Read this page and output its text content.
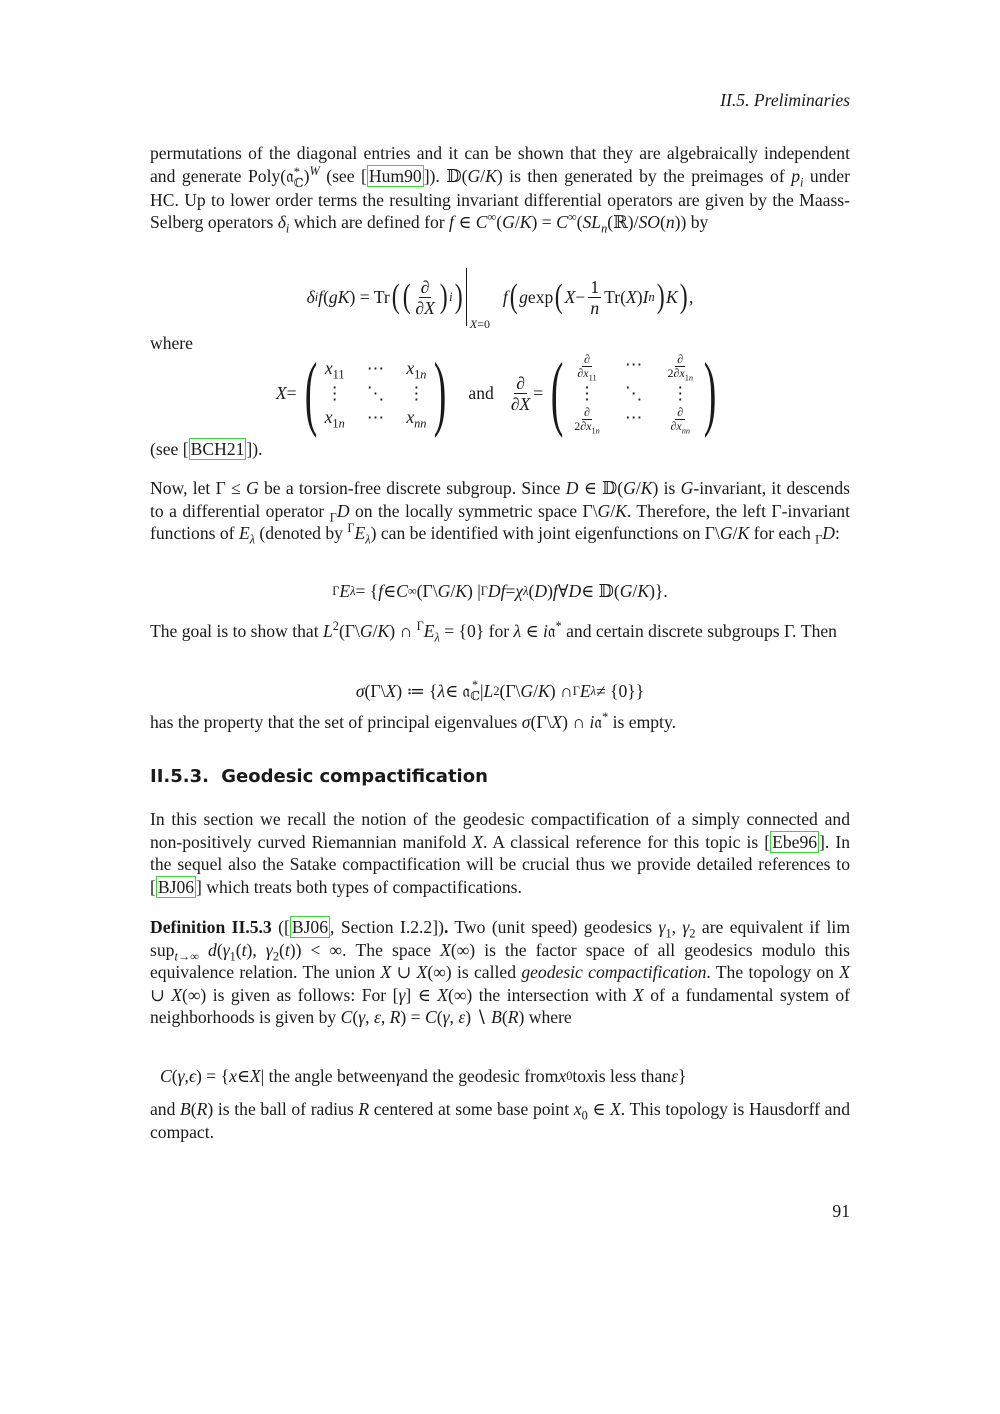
II.5. Preliminaries
permutations of the diagonal entries and it can be shown that they are algebraically independent and generate Poly(𝔞 *
ℂ )$^W$ (see [ Hum90 ]). 𝔻(G/K) is then generated by the preimages of $p_i$ under HC. Up to lower order terms the resulting invariant differential operators are given by the Maass-Selberg operators $\delta_i$ which are defined for f ∈ $C^\infty(G/K) = C^\infty(SL_n(ℝ)/SO(n))$ by
δ i f ( gK ) = Tr ( ( $\frac{\partial}{\partial X}$ ) i )
X=0
f ( g exp ( $X - \frac{1}{n} Tr$( X ) I n ) K ) ,
where
X = ( $x_{11}$ ⋯ $x_{1n}$
⋮ ⋱ ⋮
$x_{1n}$ ⋯ $x_{nn}$ ) and $\frac{\partial}{\partial X}$ = ( $\frac{\partial}{\partial x_{11}}$ ⋯ $\frac{\partial}{2\partial x_{1n}}$
⋮	⋱	⋮
$\frac{\partial}{2\partial x_{1n}}$ ⋯ $\frac{\partial}{\partial x_{nn}}$ )
(see [ BCH21 ]).
Now, let Γ ≤ G be a torsion-free discrete subgroup. Since D ∈ 𝔻(G/K) is G-invariant, it descends to a differential operator $_\Gamma$D on the locally symmetric space Γ\G/K. Therefore, the left Γ-invariant functions of $E_\lambda$ (denoted by $^\Gamma E_\lambda$) can be identified with joint eigenfunctions on Γ\G/K for each $_\Gamma$D:
Γ E λ = { f ∈ C ∞ (Γ\ G / K ) | Γ Df = χ λ ( D ) f ∀ D ∈ 𝔻( G / K )}.
The goal is to show that $L^2(\Gamma\backslash G/K)$ ∩ $^\Gamma E_\lambda = \{0\}$ for λ ∈ i𝔞* and certain discrete subgroups Γ. Then
σ (Γ\ X ) ≔ { λ ∈ 𝔞 *
ℂ | L 2 (Γ\ G / K ) ∩ Γ E λ ≠ {0}}
has the property that the set of principal eigenvalues σ(Γ\X) ∩ i𝔞* is empty.
II.5.3. Geodesic compactification
In this section we recall the notion of the geodesic compactification of a simply connected and non-positively curved Riemannian manifold X. A classical reference for this topic is [ Ebe96 ]. In the sequel also the Satake compactification will be crucial thus we provide detailed references to [ BJ06 ] which treats both types of compactifications.
Definition II.5.3 ([ BJ06 , Section I.2.2]). Two (unit speed) geodesics $\gamma_1$, $\gamma_2$ are equivalent if lim sup$_{t\to\infty}$ $d(\gamma_1(t)$, $\gamma_2(t)$) < ∞. The space X(∞) is the factor space of all geodesics modulo this equivalence relation. The union X ∪ X(∞) is called geodesic compactification. The topology on X ∪ X(∞) is given as follows: For [γ] ∈ X(∞) the intersection with X of a fundamental system of neighborhoods is given by C(γ, ε, R) = C(γ, ε) ∖ B(R) where
C ( γ , ϵ ) = { x ∈ X | the angle between γ and the geodesic from x 0 to x is less than ε }
and B(R) is the ball of radius R centered at some base point $x_0$ ∈ X. This topology is Hausdorff and compact.
91
